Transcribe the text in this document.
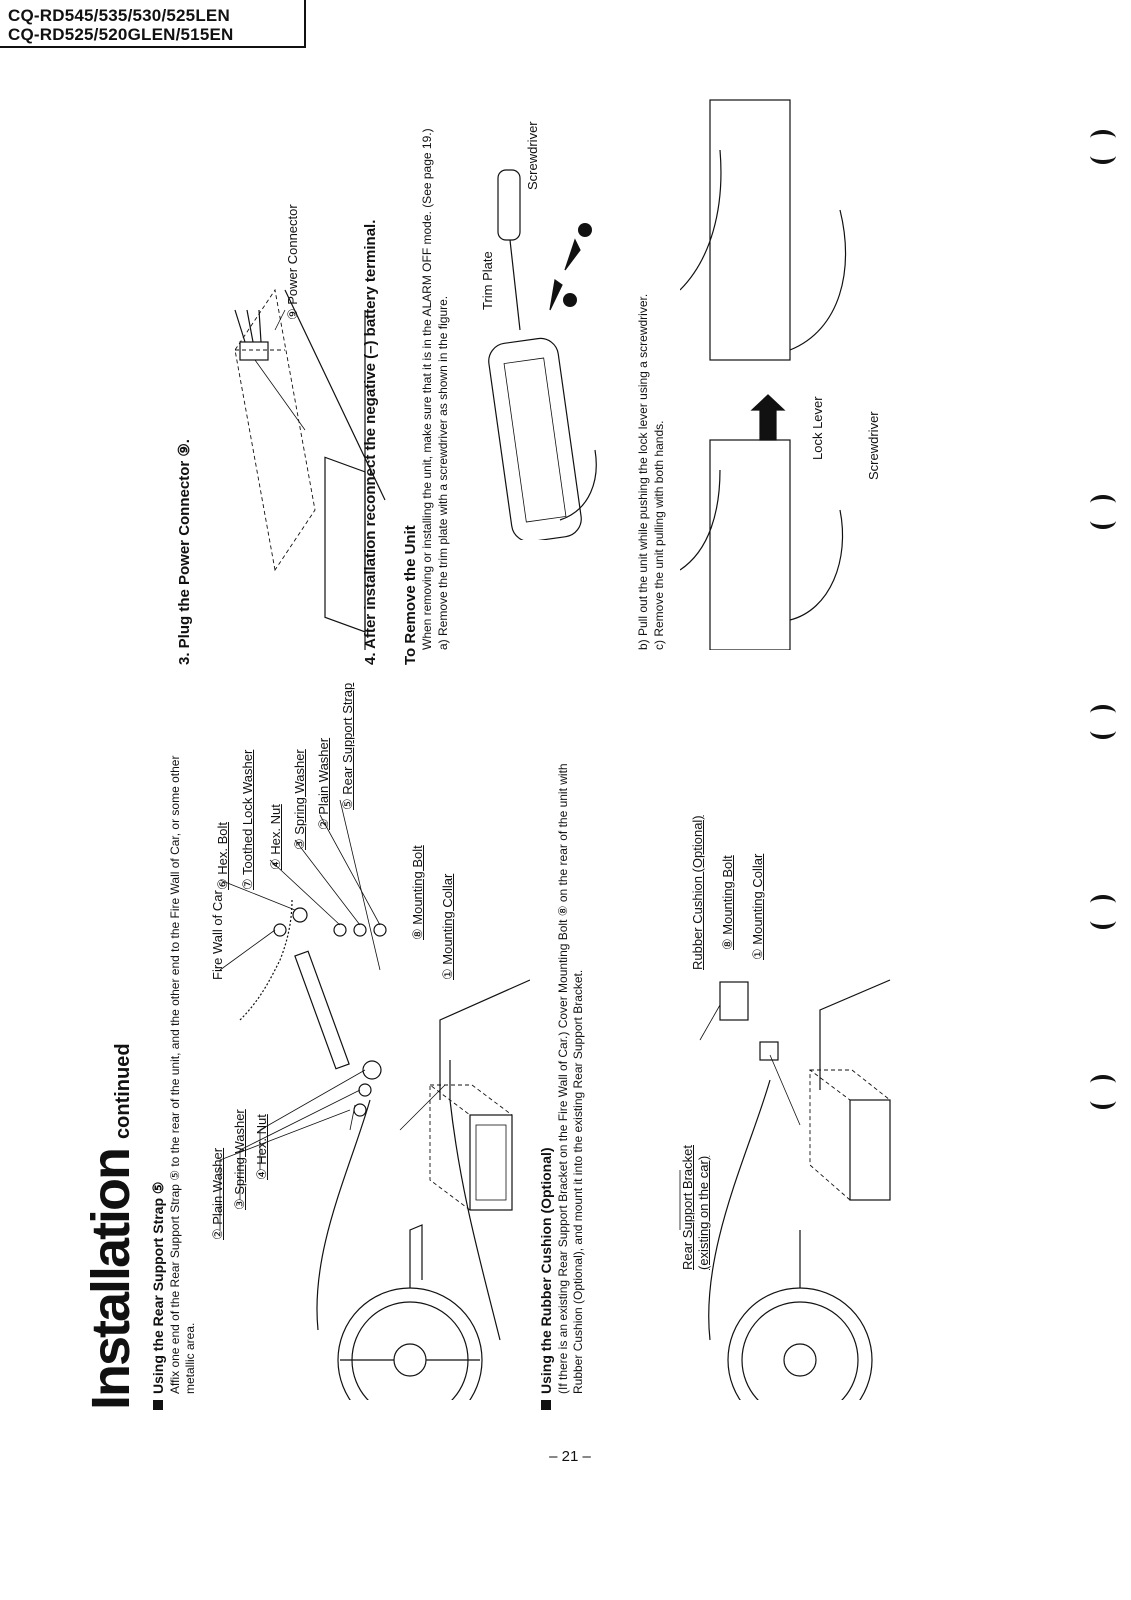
CQ-RD545/535/530/525LEN
CQ-RD525/520GLEN/515EN
Installationcontinued
Using the Rear Support Strap ⑤ Affix one end of the Rear Support Strap ⑤ to the rear of the unit, and the other end to the Fire Wall of Car, or some other metallic area.
② Plain Washer ③ Spring Washer ④ Hex. Nut
Fire Wall of Car
⑥ Hex. Bolt ⑦ Toothed Lock Washer ④ Hex. Nut ③ Spring Washer ② Plain Washer ⑤ Rear Support Strap
⑧ Mounting Bolt ① Mounting Collar
Using the Rubber Cushion (Optional) (If there is an existing Rear Support Bracket on the Fire Wall of Car.) Cover Mounting Bolt ⑧ on the rear of the unit with Rubber Cushion (Optional), and mount it into the existing Rear Support Bracket.	Rear Support Bracket (existing on the car)
Rubber Cushion (Optional) ⑧ Mounting Bolt ① Mounting Collar
3. Plug the Power Connector ⑨.
⑨ Power Connector	4. After installation reconnect the negative (–) battery terminal. To Remove the Unit When removing or installing the unit, make sure that it is in the ALARM OFF mode. (See page 19.) a) Remove the trim plate with a screwdriver as shown in the figure.
Trim Plate
Screwdriver
b) Pull out the unit while pushing the lock lever using a screwdriver. c) Remove the unit pulling with both hands.	Lock Lever	Screwdriver
– 21 –
